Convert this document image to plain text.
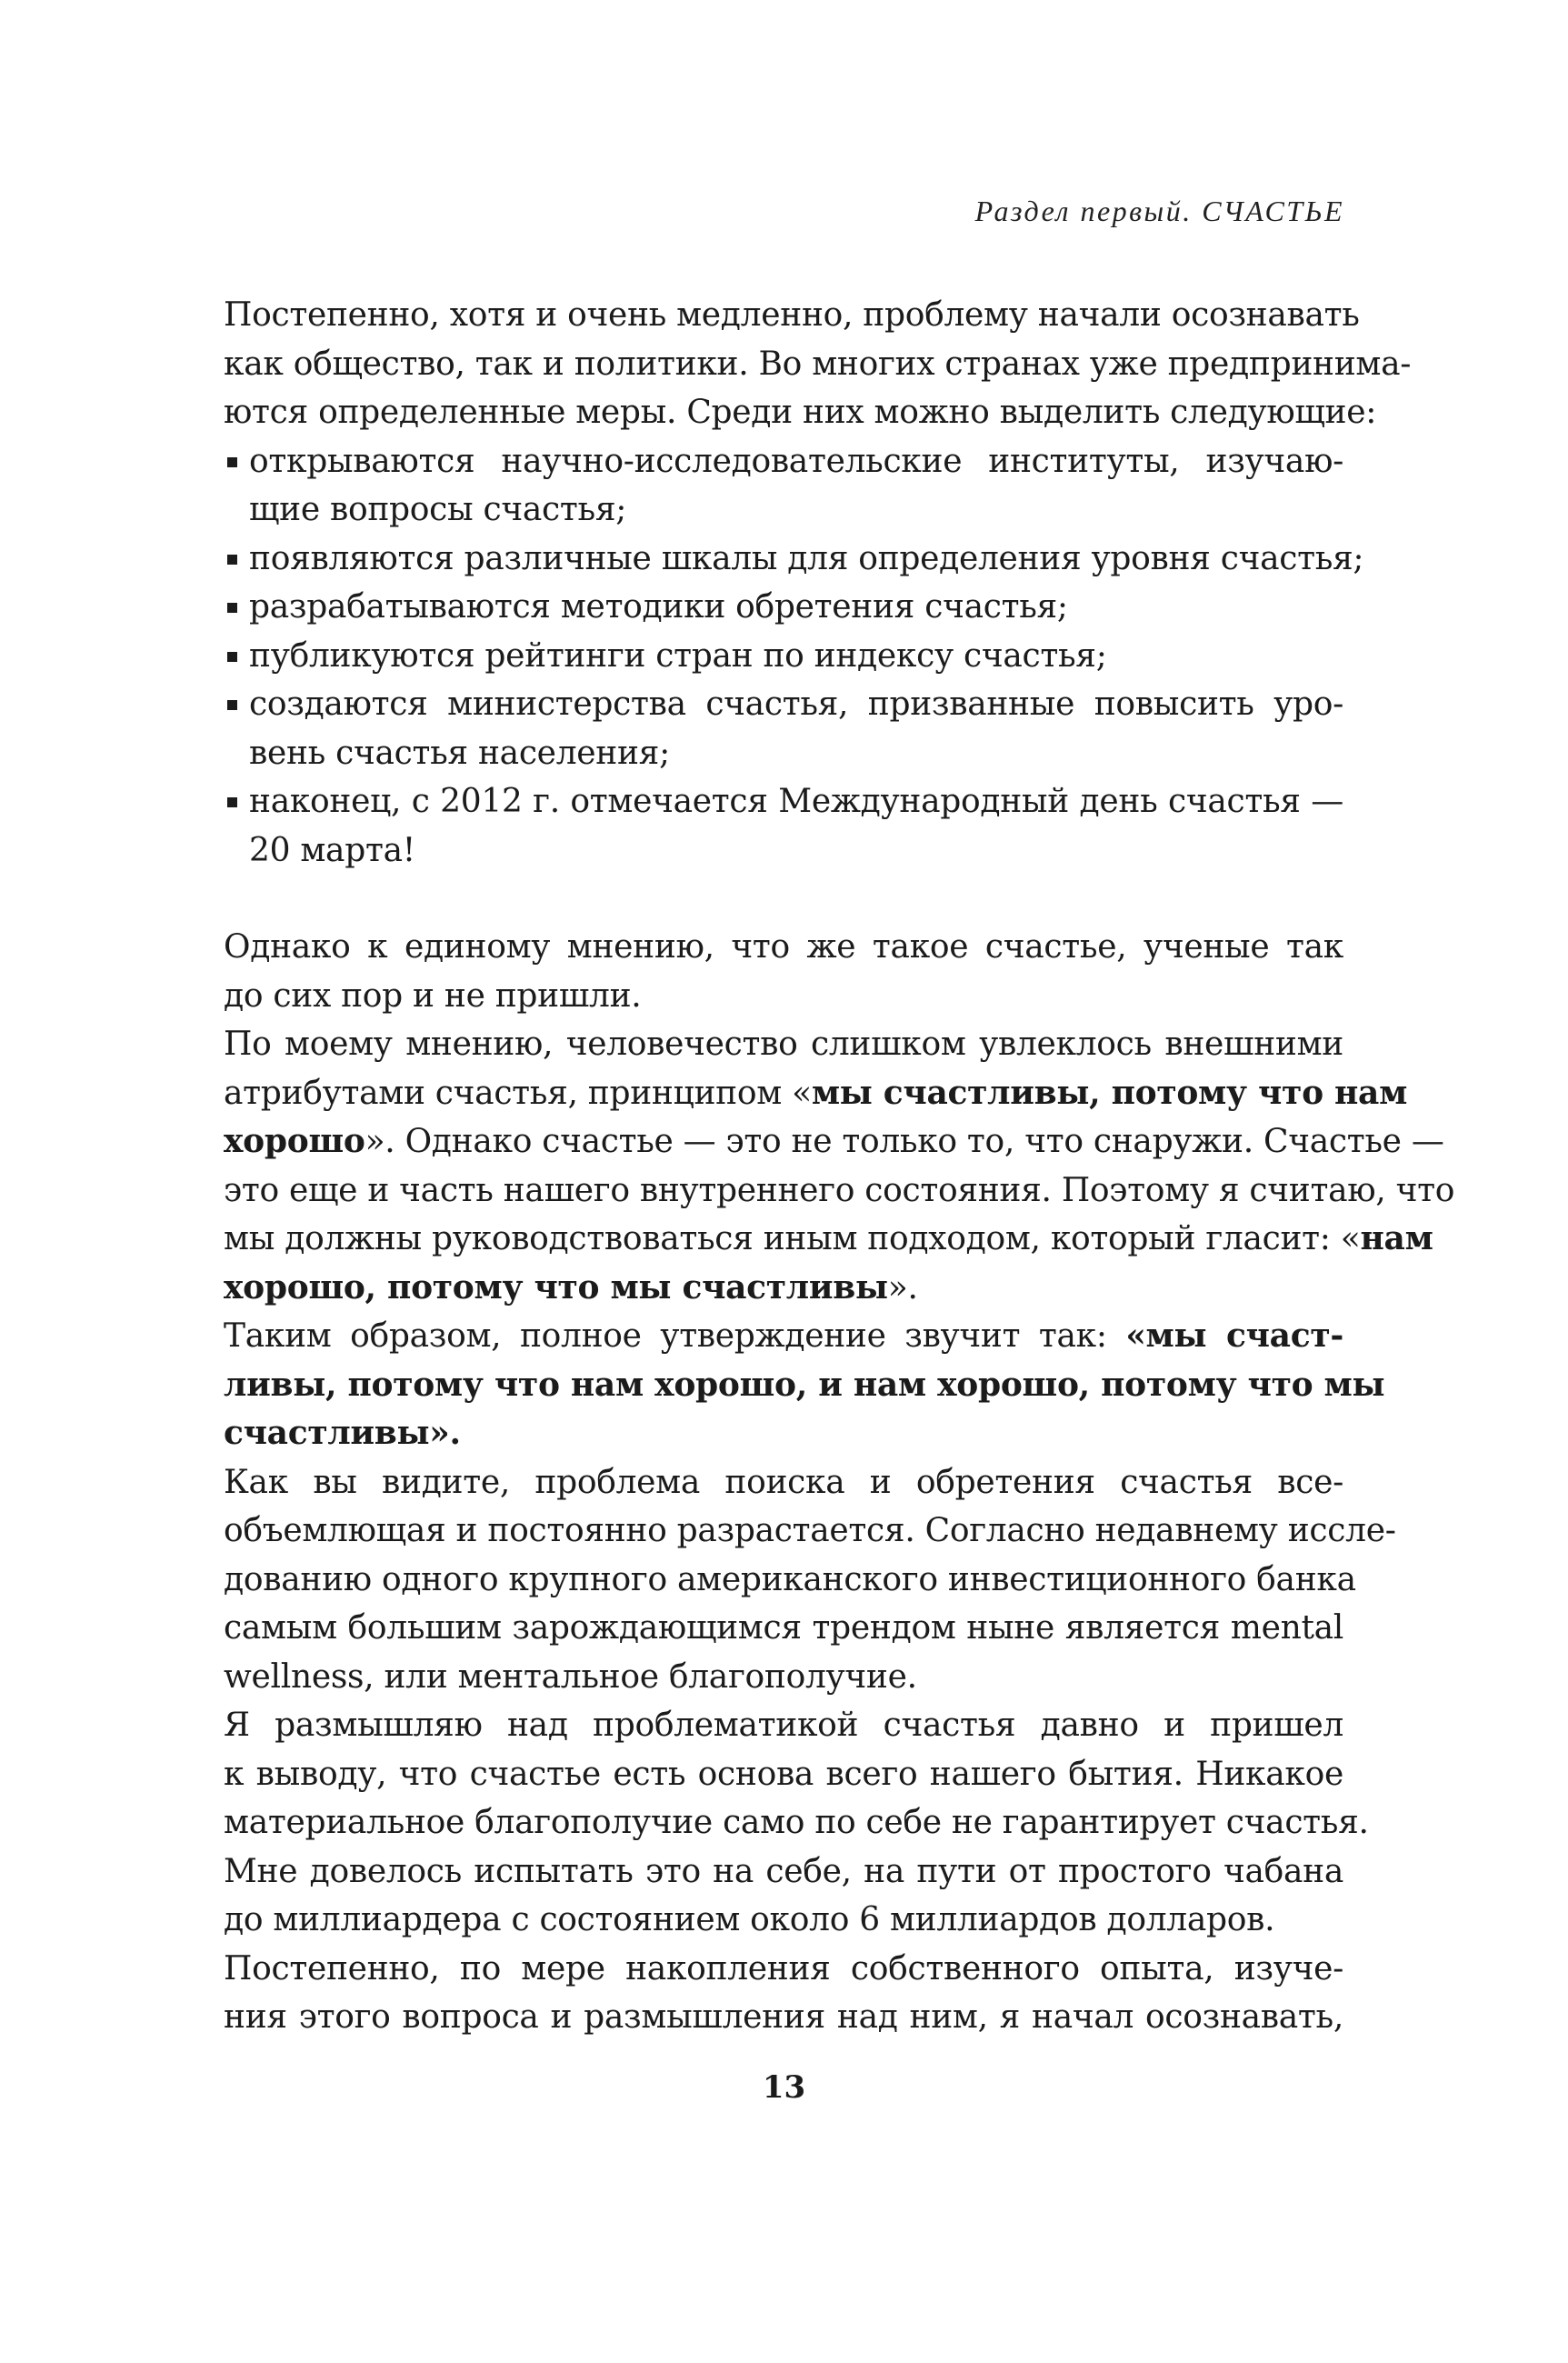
Раздел первый. СЧАСТЬЕ

Постепенно, хотя и очень медленно, проблему начали осознавать
как общество, так и политики. Во многих странах уже предпринима-
ются определенные меры. Среди них можно выделить следующие:

открываются научно-исследовательские институты, изучаю-
щие вопросы счастья;
появляются различные шкалы для определения уровня счастья;
разрабатываются методики обретения счастья;
публикуются рейтинги стран по индексу счастья;
создаются министерства счастья, призванные повысить уро-
вень счастья населения;
наконец, с 2012 г. отмечается Международный день счастья —
20 марта!

Однако к единому мнению, что же такое счастье, ученые так
до сих пор и не пришли.

По моему мнению, человечество слишком увлеклось внешними
атрибутами счастья, принципом «мы счастливы, потому что нам
хорошо». Однако счастье — это не только то, что снаружи. Счастье —
это еще и часть нашего внутреннего состояния. Поэтому я считаю, что
мы должны руководствоваться иным подходом, который гласит: «нам
хорошо, потому что мы счастливы».

Таким образом, полное утверждение звучит так: «мы счаст-
ливы, потому что нам хорошо, и нам хорошо, потому что мы
счастливы».

Как вы видите, проблема поиска и обретения счастья все-
объемлющая и постоянно разрастается. Согласно недавнему иссле-
дованию одного крупного американского инвестиционного банка
самым большим зарождающимся трендом ныне является mental
wellness, или ментальное благополучие.

Я размышляю над проблематикой счастья давно и пришел
к выводу, что счастье есть основа всего нашего бытия. Никакое
материальное благополучие само по себе не гарантирует счастья.
Мне довелось испытать это на себе, на пути от простого чабана
до миллиардера с состоянием около 6 миллиардов долларов.

Постепенно, по мере накопления собственного опыта, изуче-
ния этого вопроса и размышления над ним, я начал осознавать,

13
